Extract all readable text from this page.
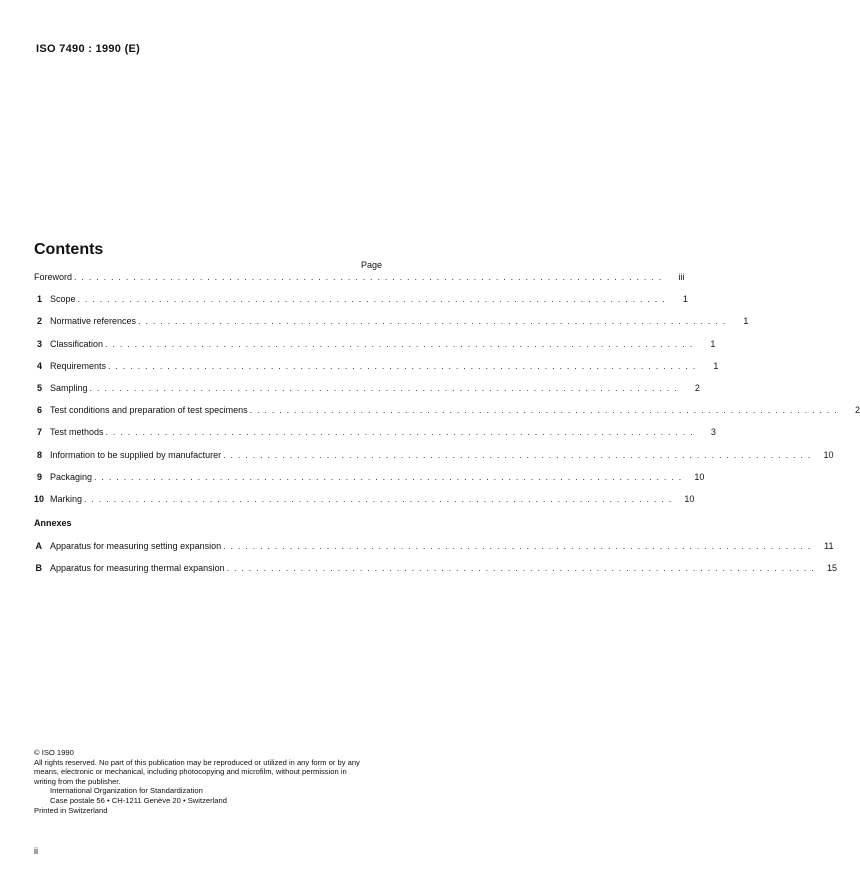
ISO 7490 : 1990 (E)
Contents
Page
Foreword . . . . . . . . . . . . . . . . . . . . . . . . . . . . . . . . . . . . . . . . . . . . . . . . . . . . . . . . . . . . . . . . . . . . . . . . . . . . . . . .	iii
1 Scope . . . . . . . . . . . . . . . . . . . . . . . . . . . . . . . . . . . . . . . . . . . . . . . . . . . . . . . . . . . . . . . . . . . . . . . . . . . . . . . .	1
2 Normative references . . . . . . . . . . . . . . . . . . . . . . . . . . . . . . . . . . . . . . . . . . . . . . . . . . . . . . . . . . . . . . . . . . . . . . . . . . . . . . . .	1
3 Classification . . . . . . . . . . . . . . . . . . . . . . . . . . . . . . . . . . . . . . . . . . . . . . . . . . . . . . . . . . . . . . . . . . . . . . . . . . . . . . . .	1
4 Requirements . . . . . . . . . . . . . . . . . . . . . . . . . . . . . . . . . . . . . . . . . . . . . . . . . . . . . . . . . . . . . . . . . . . . . . . . . . . . . . . .	1
5 Sampling . . . . . . . . . . . . . . . . . . . . . . . . . . . . . . . . . . . . . . . . . . . . . . . . . . . . . . . . . . . . . . . . . . . . . . . . . . . . . . . .	2
6 Test conditions and preparation of test specimens . . . . . . . . . . . . . . . . . . . . . . . . . . . . . . . . . . . . . . . . . . . . . . . . . . . . . . . . . . . . . . . . . . . . . . . . . . . . . . . .	2
7 Test methods . . . . . . . . . . . . . . . . . . . . . . . . . . . . . . . . . . . . . . . . . . . . . . . . . . . . . . . . . . . . . . . . . . . . . . . . . . . . . . . .	3
8 Information to be supplied by manufacturer . . . . . . . . . . . . . . . . . . . . . . . . . . . . . . . . . . . . . . . . . . . . . . . . . . . . . . . . . . . . . . . . . . . . . . . . . . . . . . . .	10
9 Packaging . . . . . . . . . . . . . . . . . . . . . . . . . . . . . . . . . . . . . . . . . . . . . . . . . . . . . . . . . . . . . . . . . . . . . . . . . . . . . . . .	10
10 Marking . . . . . . . . . . . . . . . . . . . . . . . . . . . . . . . . . . . . . . . . . . . . . . . . . . . . . . . . . . . . . . . . . . . . . . . . . . . . . . . .	10
Annexes
A Apparatus for measuring setting expansion . . . . . . . . . . . . . . . . . . . . . . . . . . . . . . . . . . . . . . . . . . . . . . . . . . . . . . . . . . . . . . . . . . . . . . . . . . . . . . . .	11
B Apparatus for measuring thermal expansion . . . . . . . . . . . . . . . . . . . . . . . . . . . . . . . . . . . . . . . . . . . . . . . . . . . . . . . . . . . . . . . . . . . . . . . . . . . . . . . .	15
© ISO 1990
All rights reserved. No part of this publication may be reproduced or utilized in any form or by any
means, electronic or mechanical, including photocopying and microfilm, without permission in
writing from the publisher.
International Organization for Standardization
Case postale 56 • CH-1211 Genève 20 • Switzerland
Printed in Switzerland
ii
